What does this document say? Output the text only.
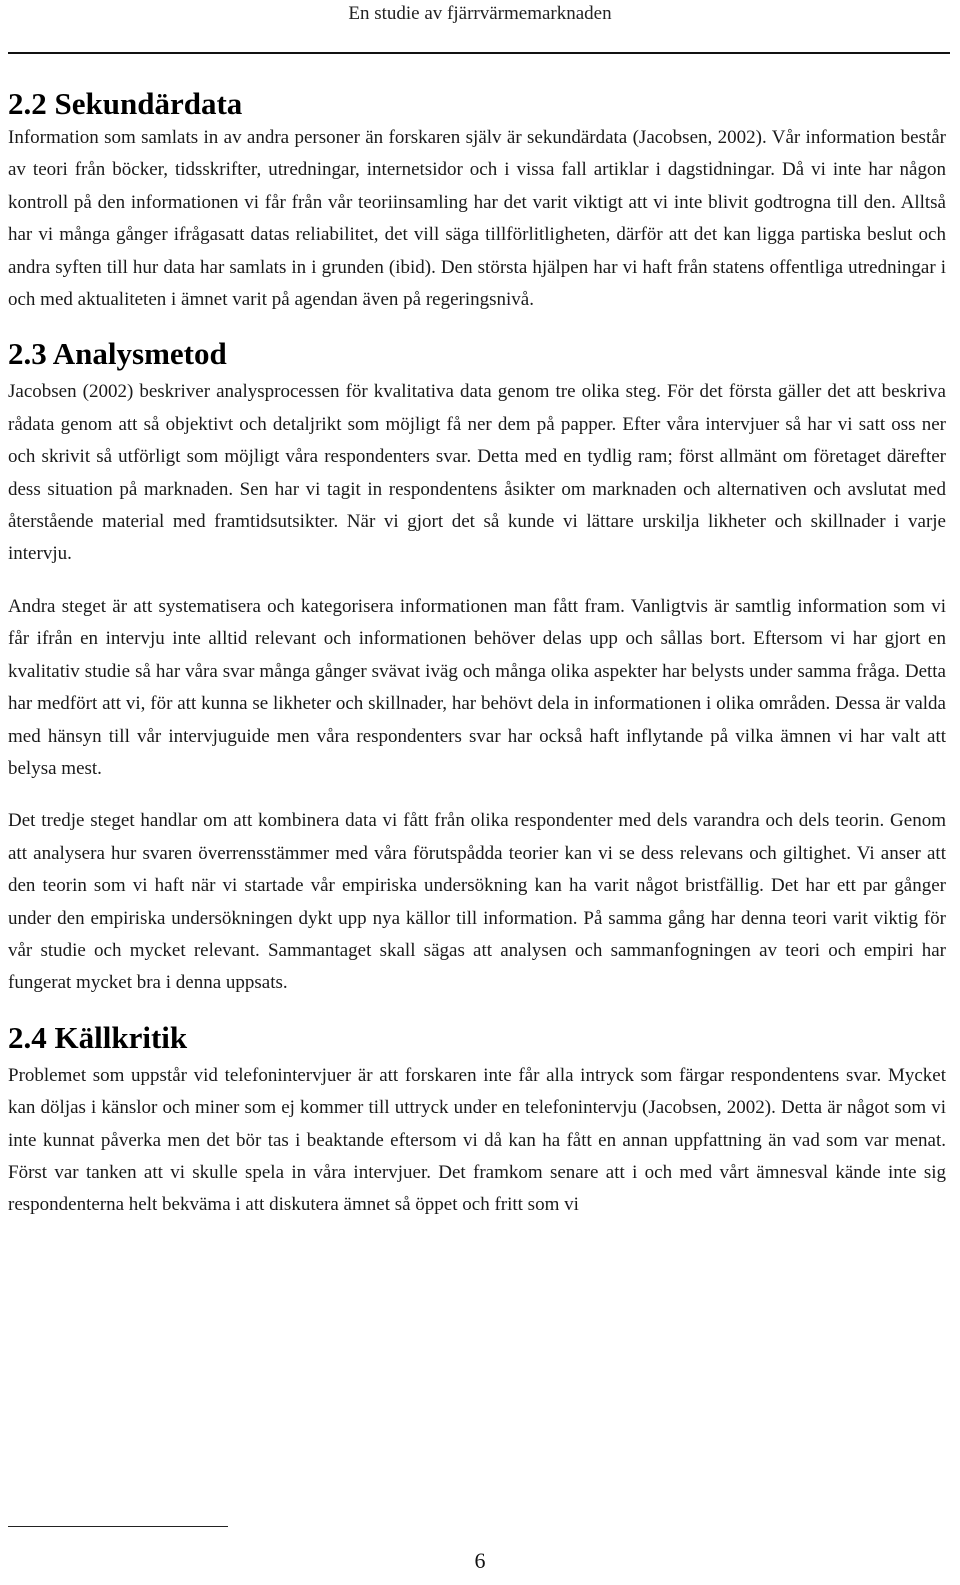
En studie av fjärrvärmemarknaden
2.2 Sekundärdata

Information som samlats in av andra personer än forskaren själv är sekundärdata (Jacobsen, 2002). Vår information består av teori från böcker, tidsskrifter, utredningar, internetsidor och i vissa fall artiklar i dagstidningar. Då vi inte har någon kontroll på den informationen vi får från vår teoriinsamling har det varit viktigt att vi inte blivit godtrogna till den. Alltså har vi många gånger ifrågasatt datas reliabilitet, det vill säga tillförlitligheten, därför att det kan ligga partiska beslut och andra syften till hur data har samlats in i grunden (ibid). Den största hjälpen har vi haft från statens offentliga utredningar i och med aktualiteten i ämnet varit på agendan även på regeringsnivå.

2.3 Analysmetod

Jacobsen (2002) beskriver analysprocessen för kvalitativa data genom tre olika steg. För det första gäller det att beskriva rådata genom att så objektivt och detaljrikt som möjligt få ner dem på papper. Efter våra intervjuer så har vi satt oss ner och skrivit så utförligt som möjligt våra respondenters svar. Detta med en tydlig ram; först allmänt om företaget därefter dess situation på marknaden. Sen har vi tagit in respondentens åsikter om marknaden och alternativen och avslutat med återstående material med framtidsutsikter. När vi gjort det så kunde vi lättare urskilja likheter och skillnader i varje intervju.

Andra steget är att systematisera och kategorisera informationen man fått fram. Vanligtvis är samtlig information som vi får ifrån en intervju inte alltid relevant och informationen behöver delas upp och sållas bort. Eftersom vi har gjort en kvalitativ studie så har våra svar många gånger svävat iväg och många olika aspekter har belysts under samma fråga. Detta har medfört att vi, för att kunna se likheter och skillnader, har behövt dela in informationen i olika områden. Dessa är valda med hänsyn till vår intervjuguide men våra respondenters svar har också haft inflytande på vilka ämnen vi har valt att belysa mest.

Det tredje steget handlar om att kombinera data vi fått från olika respondenter med dels varandra och dels teorin. Genom att analysera hur svaren överrensstämmer med våra förutspådda teorier kan vi se dess relevans och giltighet. Vi anser att den teorin som vi haft när vi startade vår empiriska undersökning kan ha varit något bristfällig. Det har ett par gånger under den empiriska undersökningen dykt upp nya källor till information. På samma gång har denna teori varit viktig för vår studie och mycket relevant. Sammantaget skall sägas att analysen och sammanfogningen av teori och empiri har fungerat mycket bra i denna uppsats.

2.4 Källkritik

Problemet som uppstår vid telefonintervjuer är att forskaren inte får alla intryck som färgar respondentens svar. Mycket kan döljas i känslor och miner som ej kommer till uttryck under en telefonintervju (Jacobsen, 2002). Detta är något som vi inte kunnat påverka men det bör tas i beaktande eftersom vi då kan ha fått en annan uppfattning än vad som var menat. Först var tanken att vi skulle spela in våra intervjuer. Det framkom senare att i och med vårt ämnesval kände inte sig respondenterna helt bekväma i att diskutera ämnet så öppet och fritt som vi

6
